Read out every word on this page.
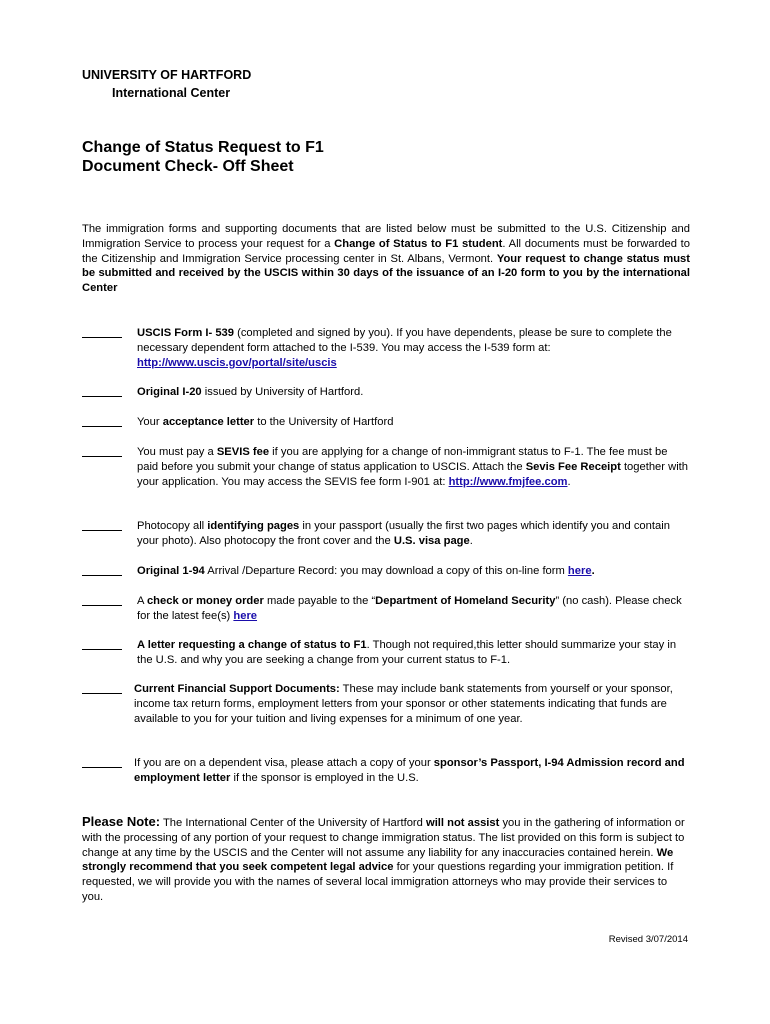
UNIVERSITY OF HARTFORD
International Center
Change of Status Request to F1
Document Check- Off Sheet
The immigration forms and supporting documents that are listed below must be submitted to the U.S. Citizenship and Immigration Service to process your request for a Change of Status to F1 student. All documents must be forwarded to the Citizenship and Immigration Service processing center in St. Albans, Vermont. Your request to change status must be submitted and received by the USCIS within 30 days of the issuance of an I-20 form to you by the international Center
USCIS Form I- 539 (completed and signed by you). If you have dependents, please be sure to complete the necessary dependent form attached to the I-539. You may access the I-539 form at: http://www.uscis.gov/portal/site/uscis
Original I-20 issued by University of Hartford.
Your acceptance letter to the University of Hartford
You must pay a SEVIS fee if you are applying for a change of non-immigrant status to F-1. The fee must be paid before you submit your change of status application to USCIS. Attach the Sevis Fee Receipt together with your application. You may access the SEVIS fee form I-901 at: http://www.fmjfee.com.
Photocopy all identifying pages in your passport (usually the first two pages which identify you and contain your photo). Also photocopy the front cover and the U.S. visa page.
Original 1-94 Arrival /Departure Record: you may download a copy of this on-line form here.
A check or money order made payable to the “Department of Homeland Security” (no cash). Please check for the latest fee(s) here
A letter requesting a change of status to F1. Though not required,this letter should summarize your stay in the U.S. and why you are seeking a change from your current status to F-1.
Current Financial Support Documents: These may include bank statements from yourself or your sponsor, income tax return forms, employment letters from your sponsor or other statements indicating that funds are available to you for your tuition and living expenses for a minimum of one year.
If you are on a dependent visa, please attach a copy of your sponsor’s Passport, I-94 Admission record and employment letter if the sponsor is employed in the U.S.
Please Note: The International Center of the University of Hartford will not assist you in the gathering of information or with the processing of any portion of your request to change immigration status. The list provided on this form is subject to change at any time by the USCIS and the Center will not assume any liability for any inaccuracies contained herein. We strongly recommend that you seek competent legal advice for your questions regarding your immigration petition. If requested, we will provide you with the names of several local immigration attorneys who may provide their services to you.
Revised 3/07/2014
